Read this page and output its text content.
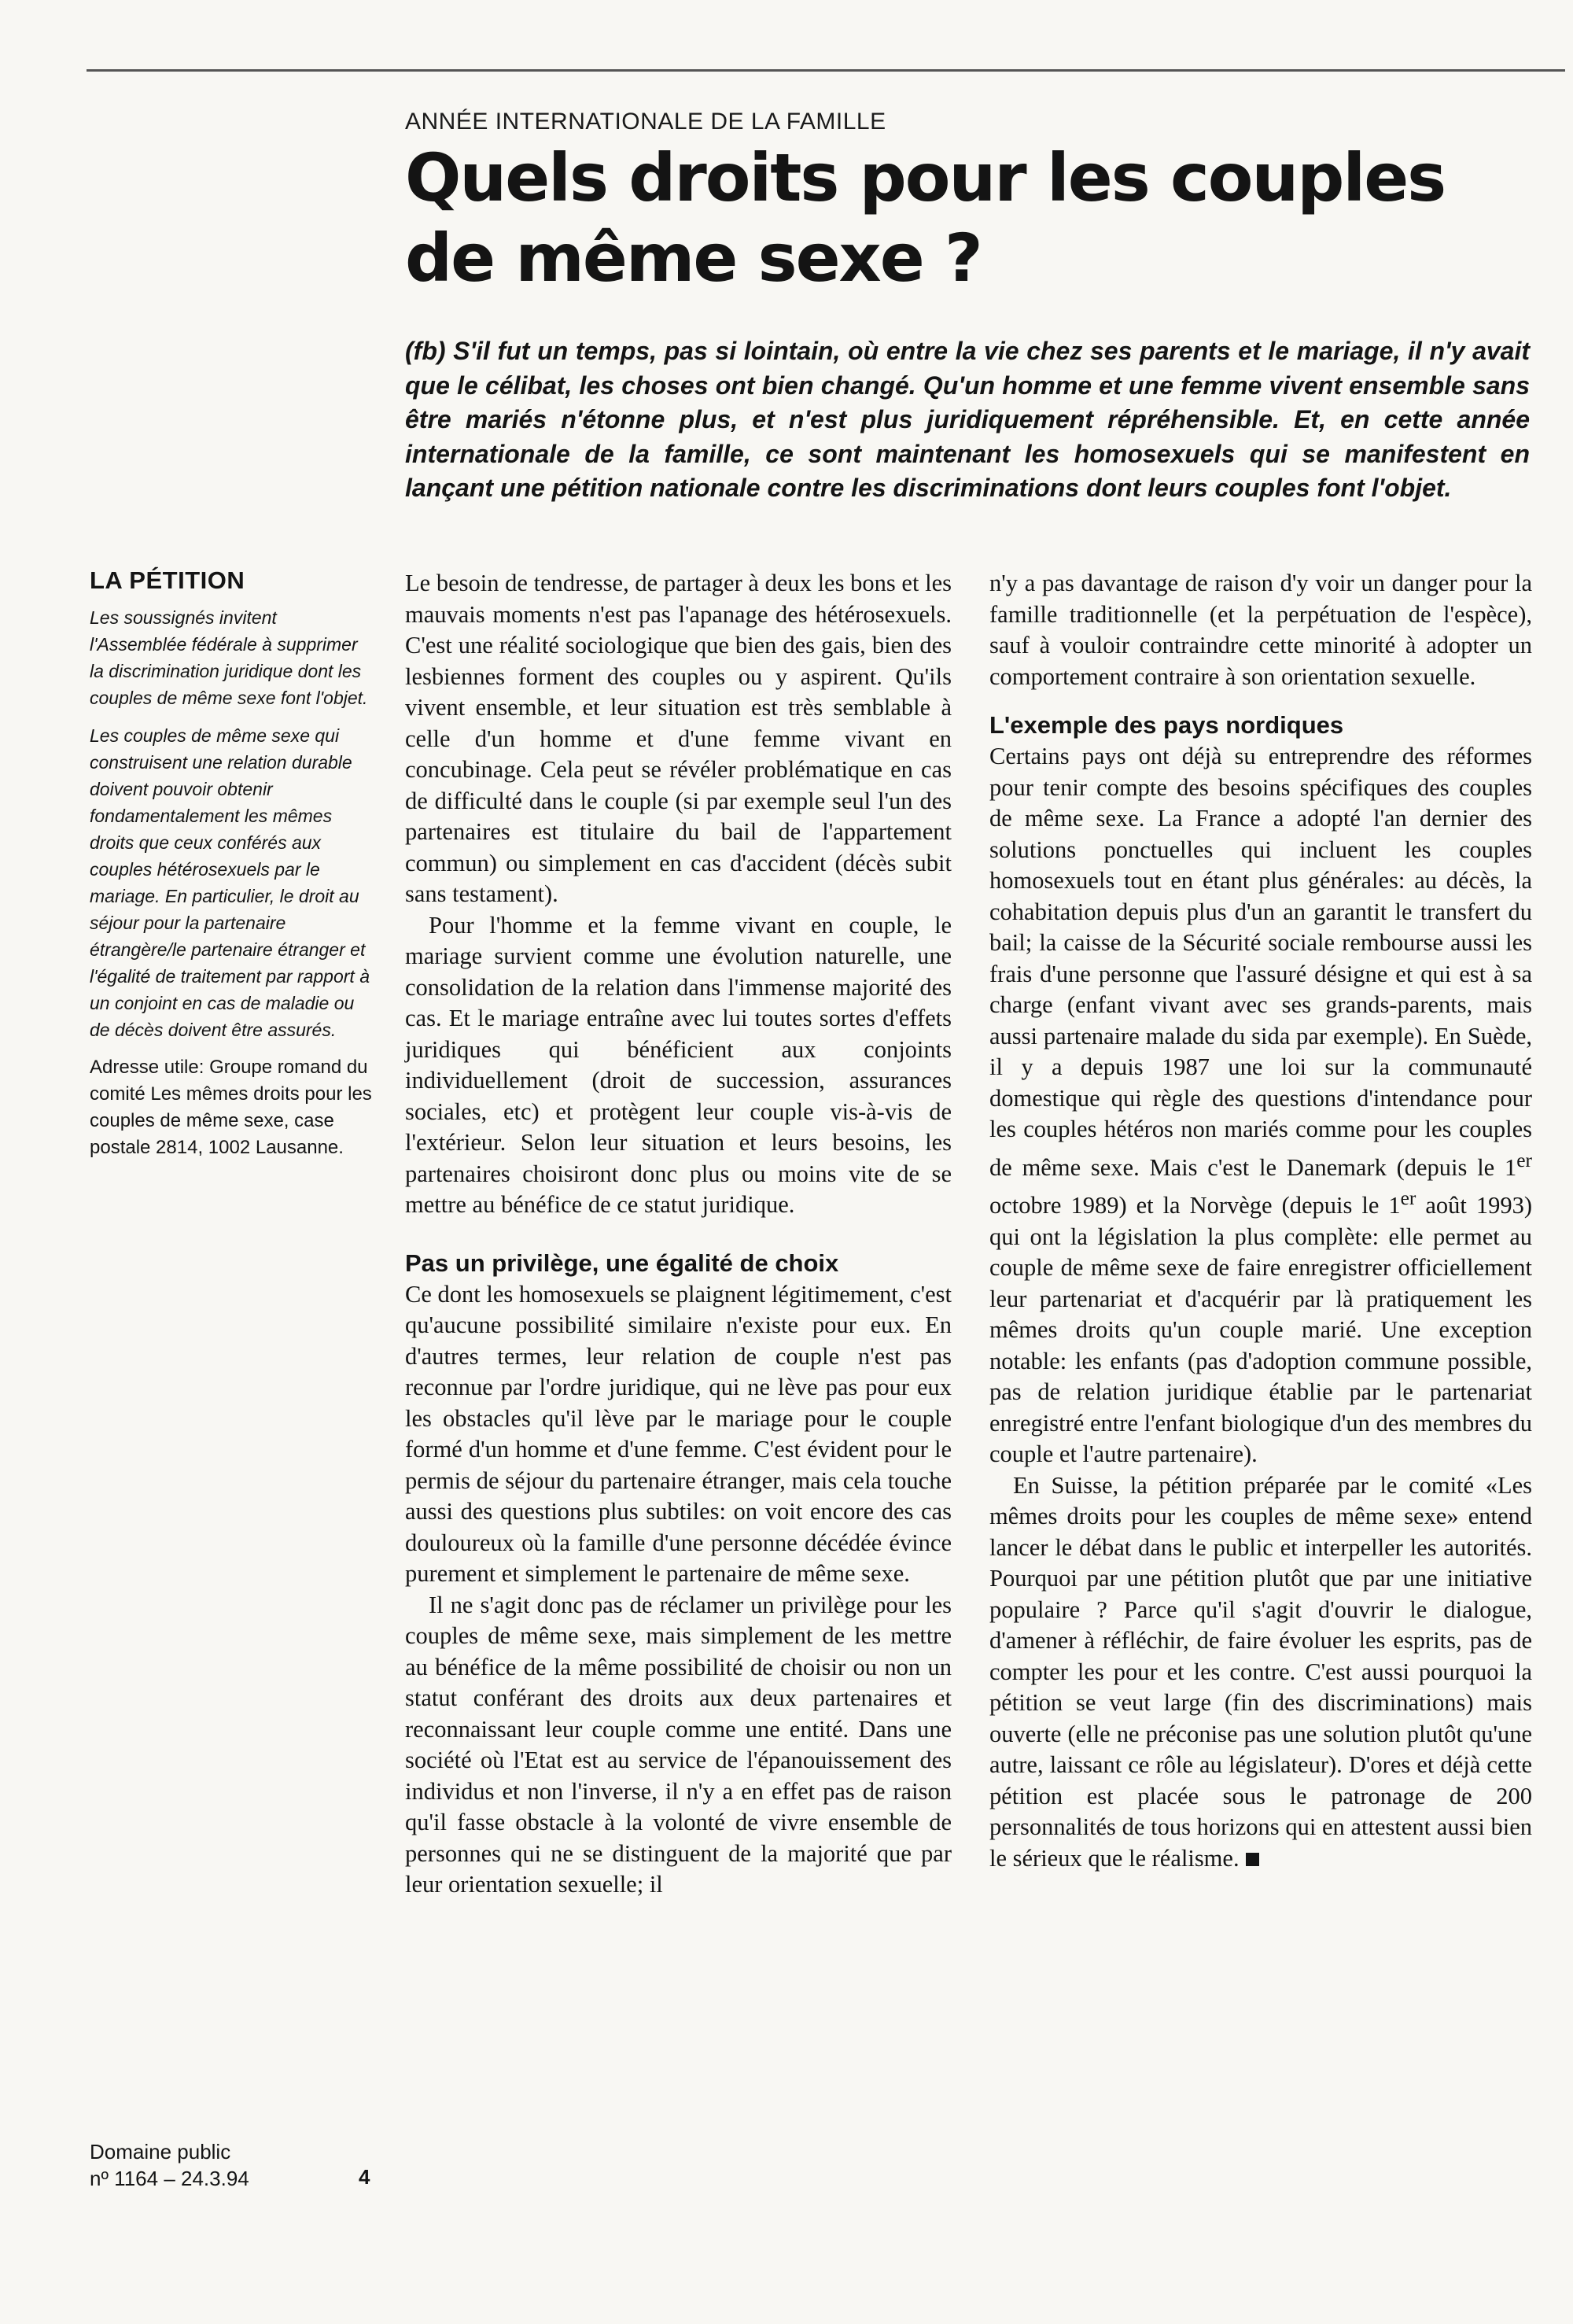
ANNÉE INTERNATIONALE DE LA FAMILLE
Quels droits pour les couples
de même sexe ?

(fb) S'il fut un temps, pas si lointain, où entre la vie chez ses parents et le mariage, il n'y avait que le célibat, les choses ont bien changé. Qu'un homme et une femme vivent ensemble sans être mariés n'étonne plus, et n'est plus juridiquement répréhensible. Et, en cette année internationale de la famille, ce sont maintenant les homosexuels qui se manifestent en lançant une pétition nationale contre les discriminations dont leurs couples font l'objet.

LA PÉTITION

Les soussignés invitent l'Assemblée fédérale à supprimer la discrimination juridique dont les couples de même sexe font l'objet.

Les couples de même sexe qui construisent une relation durable doivent pouvoir obtenir fondamentalement les mêmes droits que ceux conférés aux couples hétérosexuels par le mariage. En particulier, le droit au séjour pour la partenaire étrangère/le partenaire étranger et l'égalité de traitement par rapport à un conjoint en cas de maladie ou de décès doivent être assurés.

Adresse utile: Groupe romand du comité Les mêmes droits pour les couples de même sexe, case postale 2814, 1002 Lausanne.

Le besoin de tendresse, de partager à deux les bons et les mauvais moments n'est pas l'apanage des hétérosexuels. C'est une réalité sociologique que bien des gais, bien des lesbiennes forment des couples ou y aspirent. Qu'ils vivent ensemble, et leur situation est très semblable à celle d'un homme et d'une femme vivant en concubinage. Cela peut se révéler problématique en cas de difficulté dans le couple (si par exemple seul l'un des partenaires est titulaire du bail de l'appartement commun) ou simplement en cas d'accident (décès subit sans testament).

Pour l'homme et la femme vivant en couple, le mariage survient comme une évolution naturelle, une consolidation de la relation dans l'immense majorité des cas. Et le mariage entraîne avec lui toutes sortes d'effets juridiques qui bénéficient aux conjoints individuellement (droit de succession, assurances sociales, etc) et protègent leur couple vis-à-vis de l'extérieur. Selon leur situation et leurs besoins, les partenaires choisiront donc plus ou moins vite de se mettre au bénéfice de ce statut juridique.

Pas un privilège, une égalité de choix

Ce dont les homosexuels se plaignent légitimement, c'est qu'aucune possibilité similaire n'existe pour eux. En d'autres termes, leur relation de couple n'est pas reconnue par l'ordre juridique, qui ne lève pas pour eux les obstacles qu'il lève par le mariage pour le couple formé d'un homme et d'une femme. C'est évident pour le permis de séjour du partenaire étranger, mais cela touche aussi des questions plus subtiles: on voit encore des cas douloureux où la famille d'une personne décédée évince purement et simplement le partenaire de même sexe.

Il ne s'agit donc pas de réclamer un privilège pour les couples de même sexe, mais simplement de les mettre au bénéfice de la même possibilité de choisir ou non un statut conférant des droits aux deux partenaires et reconnaissant leur couple comme une entité. Dans une société où l'Etat est au service de l'épanouissement des individus et non l'inverse, il n'y a en effet pas de raison qu'il fasse obstacle à la volonté de vivre ensemble de personnes qui ne se distinguent de la majorité que par leur orientation sexuelle; il

n'y a pas davantage de raison d'y voir un danger pour la famille traditionnelle (et la perpétuation de l'espèce), sauf à vouloir contraindre cette minorité à adopter un comportement contraire à son orientation sexuelle.

L'exemple des pays nordiques

Certains pays ont déjà su entreprendre des réformes pour tenir compte des besoins spécifiques des couples de même sexe. La France a adopté l'an dernier des solutions ponctuelles qui incluent les couples homosexuels tout en étant plus générales: au décès, la cohabitation depuis plus d'un an garantit le transfert du bail; la caisse de la Sécurité sociale rembourse aussi les frais d'une personne que l'assuré désigne et qui est à sa charge (enfant vivant avec ses grands-parents, mais aussi partenaire malade du sida par exemple). En Suède, il y a depuis 1987 une loi sur la communauté domestique qui règle des questions d'intendance pour les couples hétéros non mariés comme pour les couples de même sexe. Mais c'est le Danemark (depuis le 1er octobre 1989) et la Norvège (depuis le 1er août 1993) qui ont la législation la plus complète: elle permet au couple de même sexe de faire enregistrer officiellement leur partenariat et d'acquérir par là pratiquement les mêmes droits qu'un couple marié. Une exception notable: les enfants (pas d'adoption commune possible, pas de relation juridique établie par le partenariat enregistré entre l'enfant biologique d'un des membres du couple et l'autre partenaire).

En Suisse, la pétition préparée par le comité «Les mêmes droits pour les couples de même sexe» entend lancer le débat dans le public et interpeller les autorités. Pourquoi par une pétition plutôt que par une initiative populaire ? Parce qu'il s'agit d'ouvrir le dialogue, d'amener à réfléchir, de faire évoluer les esprits, pas de compter les pour et les contre. C'est aussi pourquoi la pétition se veut large (fin des discriminations) mais ouverte (elle ne préconise pas une solution plutôt qu'une autre, laissant ce rôle au législateur). D'ores et déjà cette pétition est placée sous le patronage de 200 personnalités de tous horizons qui en attestent aussi bien le sérieux que le réalisme.

Domaine public
nº 1164 – 24.3.94	4
